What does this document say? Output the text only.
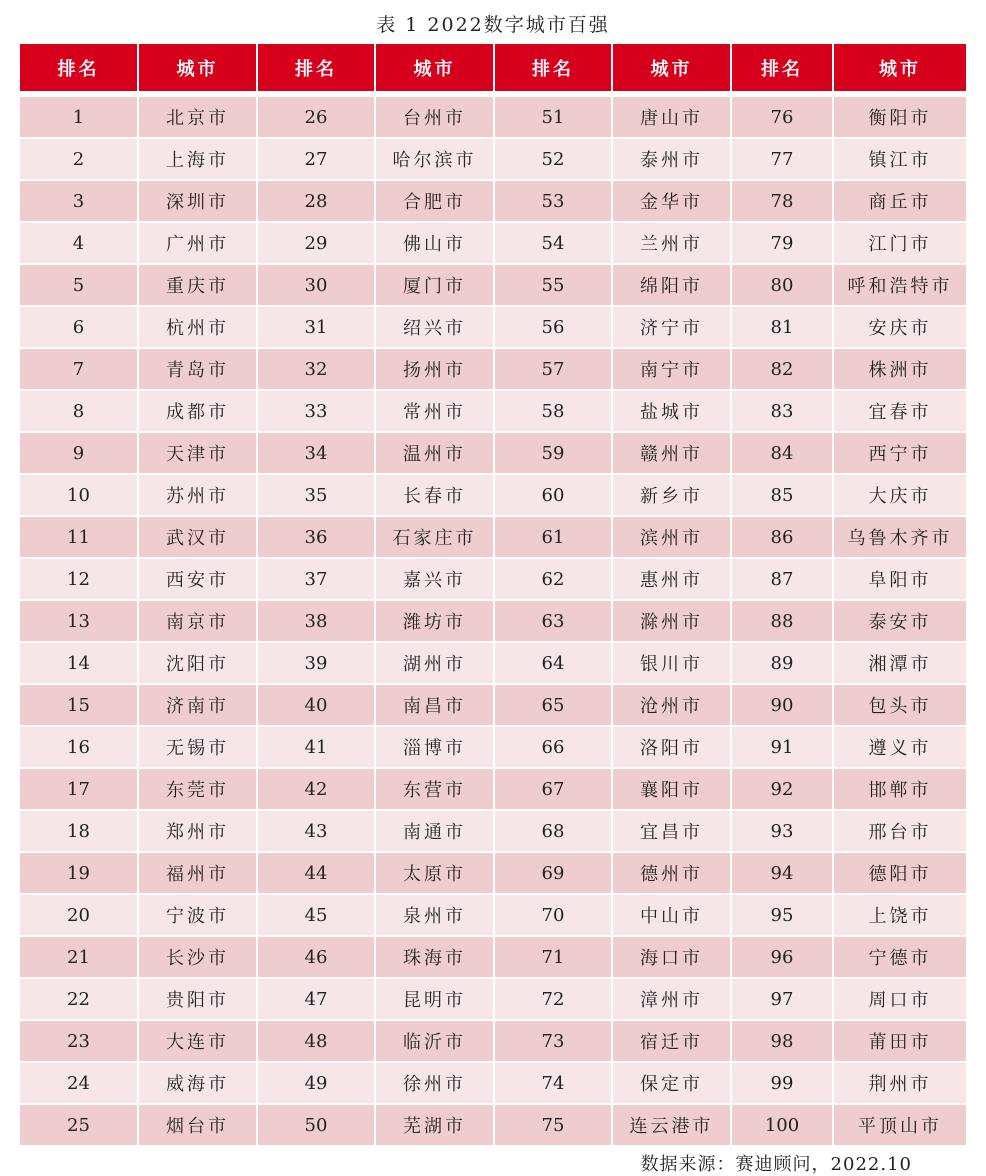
表 1 2022数字城市百强
排名	城市	排名	城市	排名	城市	排名	城市

1	北京市	26	台州市	51	唐山市	76	衡阳市
2	上海市	27	哈尔滨市	52	泰州市	77	镇江市
3	深圳市	28	合肥市	53	金华市	78	商丘市
4	广州市	29	佛山市	54	兰州市	79	江门市
5	重庆市	30	厦门市	55	绵阳市	80	呼和浩特市
6	杭州市	31	绍兴市	56	济宁市	81	安庆市
7	青岛市	32	扬州市	57	南宁市	82	株洲市
8	成都市	33	常州市	58	盐城市	83	宜春市
9	天津市	34	温州市	59	赣州市	84	西宁市
10	苏州市	35	长春市	60	新乡市	85	大庆市
11	武汉市	36	石家庄市	61	滨州市	86	乌鲁木齐市
12	西安市	37	嘉兴市	62	惠州市	87	阜阳市
13	南京市	38	潍坊市	63	滁州市	88	泰安市
14	沈阳市	39	湖州市	64	银川市	89	湘潭市
15	济南市	40	南昌市	65	沧州市	90	包头市
16	无锡市	41	淄博市	66	洛阳市	91	遵义市
17	东莞市	42	东营市	67	襄阳市	92	邯郸市
18	郑州市	43	南通市	68	宜昌市	93	邢台市
19	福州市	44	太原市	69	德州市	94	德阳市
20	宁波市	45	泉州市	70	中山市	95	上饶市
21	长沙市	46	珠海市	71	海口市	96	宁德市
22	贵阳市	47	昆明市	72	漳州市	97	周口市
23	大连市	48	临沂市	73	宿迁市	98	莆田市
24	威海市	49	徐州市	74	保定市	99	荆州市
25	烟台市	50	芜湖市	75	连云港市	100	平顶山市
数据来源：赛迪顾问，2022.10
